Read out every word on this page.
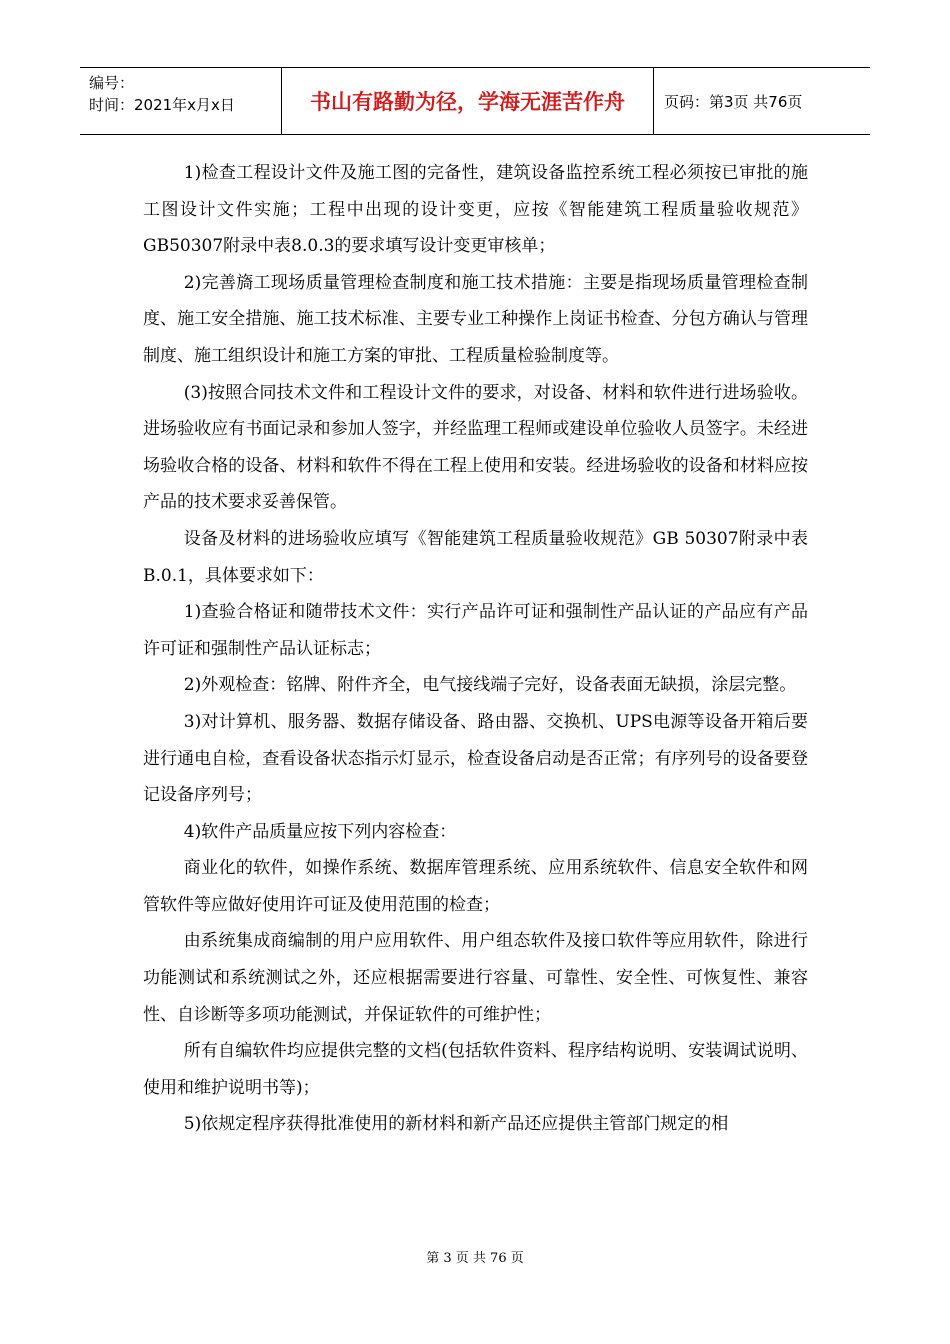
编号：
时间：2021年x月x日	书山有路勤为径，学海无涯苦作舟	页码：第3页 共76页

1)检查工程设计文件及施工图的完备性，建筑设备监控系统工程必须按已审批的施工图设计文件实施；工程中出现的设计变更，应按《智能建筑工程质量验收规范》GB50307附录中表8.0.3的要求填写设计变更审核单；

2)完善旖工现场质量管理检查制度和施工技术措施：主要是指现场质量管理检查制度、施工安全措施、施工技术标准、主要专业工种操作上岗证书检查、分包方确认与管理制度、施工组织设计和施工方案的审批、工程质量检验制度等。

(3)按照合同技术文件和工程设计文件的要求，对设备、材料和软件进行进场验收。进场验收应有书面记录和参加人签字，并经监理工程师或建设单位验收人员签字。未经进场验收合格的设备、材料和软件不得在工程上使用和安装。经进场验收的设备和材料应按产品的技术要求妥善保管。

设备及材料的进场验收应填写《智能建筑工程质量验收规范》GB 50307附录中表B.0.1，具体要求如下：

1)查验合格证和随带技术文件：实行产品许可证和强制性产品认证的产品应有产品许可证和强制性产品认证标志；

2)外观检查：铭牌、附件齐全，电气接线端子完好，设备表面无缺损，涂层完整。

3)对计算机、服务器、数据存储设备、路由器、交换机、UPS电源等设备开箱后要进行通电自检，查看设备状态指示灯显示，检查设备启动是否正常；有序列号的设备要登记设备序列号；

4)软件产品质量应按下列内容检查：

商业化的软件，如操作系统、数据库管理系统、应用系统软件、信息安全软件和网管软件等应做好使用许可证及使用范围的检查；

由系统集成商编制的用户应用软件、用户组态软件及接口软件等应用软件，除进行功能测试和系统测试之外，还应根据需要进行容量、可靠性、安全性、可恢复性、兼容性、自诊断等多项功能测试，并保证软件的可维护性；

所有自编软件均应提供完整的文档(包括软件资料、程序结构说明、安装调试说明、使用和维护说明书等)；

5)依规定程序获得批准使用的新材料和新产品还应提供主管部门规定的相

第 3 页 共 76 页
